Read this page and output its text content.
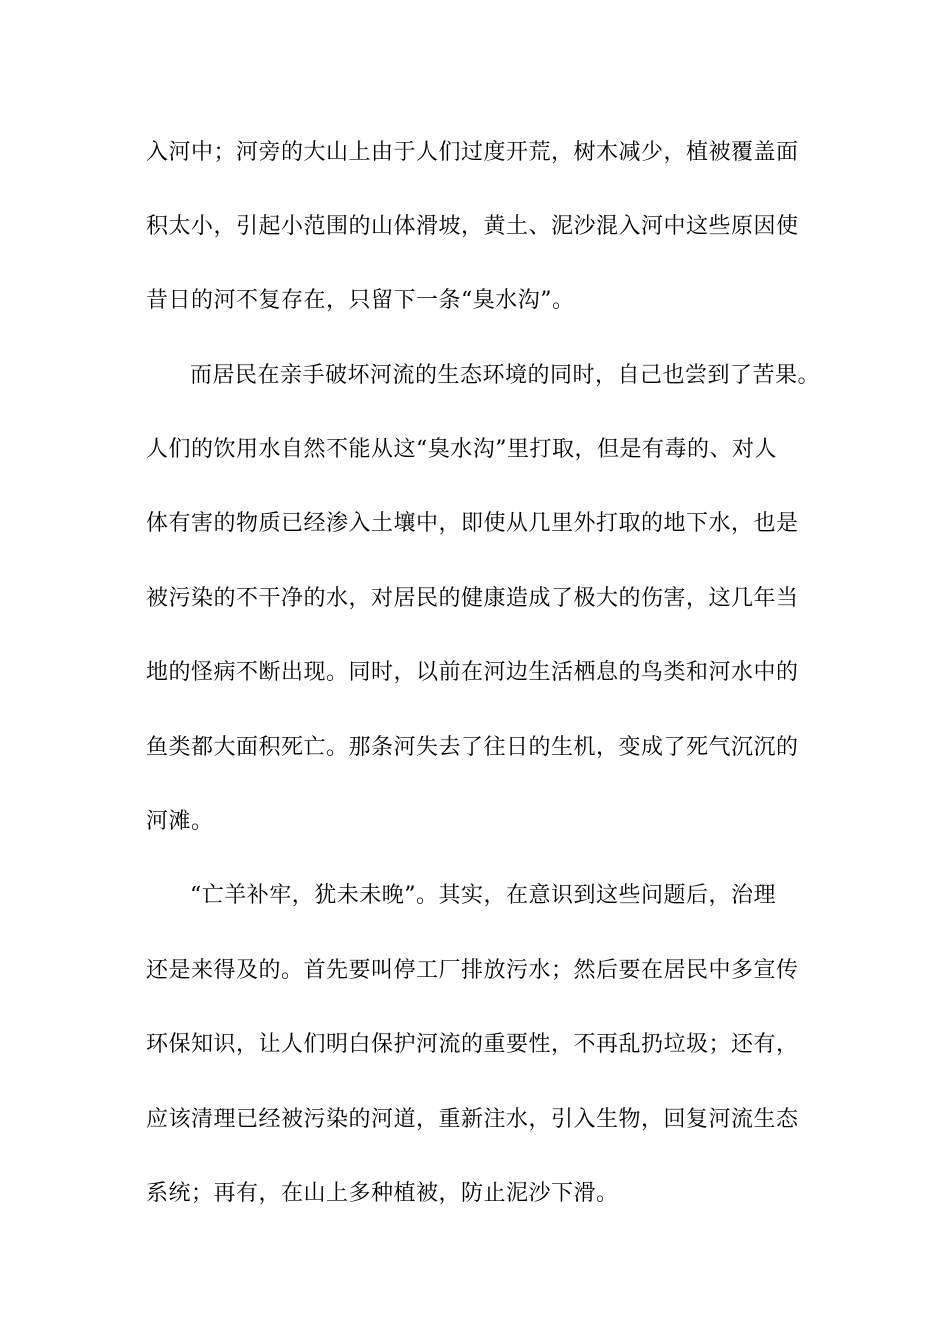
入河中；河旁的大山上由于人们过度开荒，树木减少，植被覆盖面
积太小，引起小范围的山体滑坡，黄土、泥沙混入河中这些原因使
昔日的河不复存在，只留下一条“臭水沟”。
而居民在亲手破坏河流的生态环境的同时，自己也尝到了苦果。
人们的饮用水自然不能从这“臭水沟”里打取，但是有毒的、对人
体有害的物质已经渗入土壤中，即使从几里外打取的地下水，也是
被污染的不干净的水，对居民的健康造成了极大的伤害，这几年当
地的怪病不断出现。同时，以前在河边生活栖息的鸟类和河水中的
鱼类都大面积死亡。那条河失去了往日的生机，变成了死气沉沉的
河滩。
“亡羊补牢，犹未未晚”。其实，在意识到这些问题后，治理
还是来得及的。首先要叫停工厂排放污水；然后要在居民中多宣传
环保知识，让人们明白保护河流的重要性，不再乱扔垃圾；还有，
应该清理已经被污染的河道，重新注水，引入生物，回复河流生态
系统；再有，在山上多种植被，防止泥沙下滑。
